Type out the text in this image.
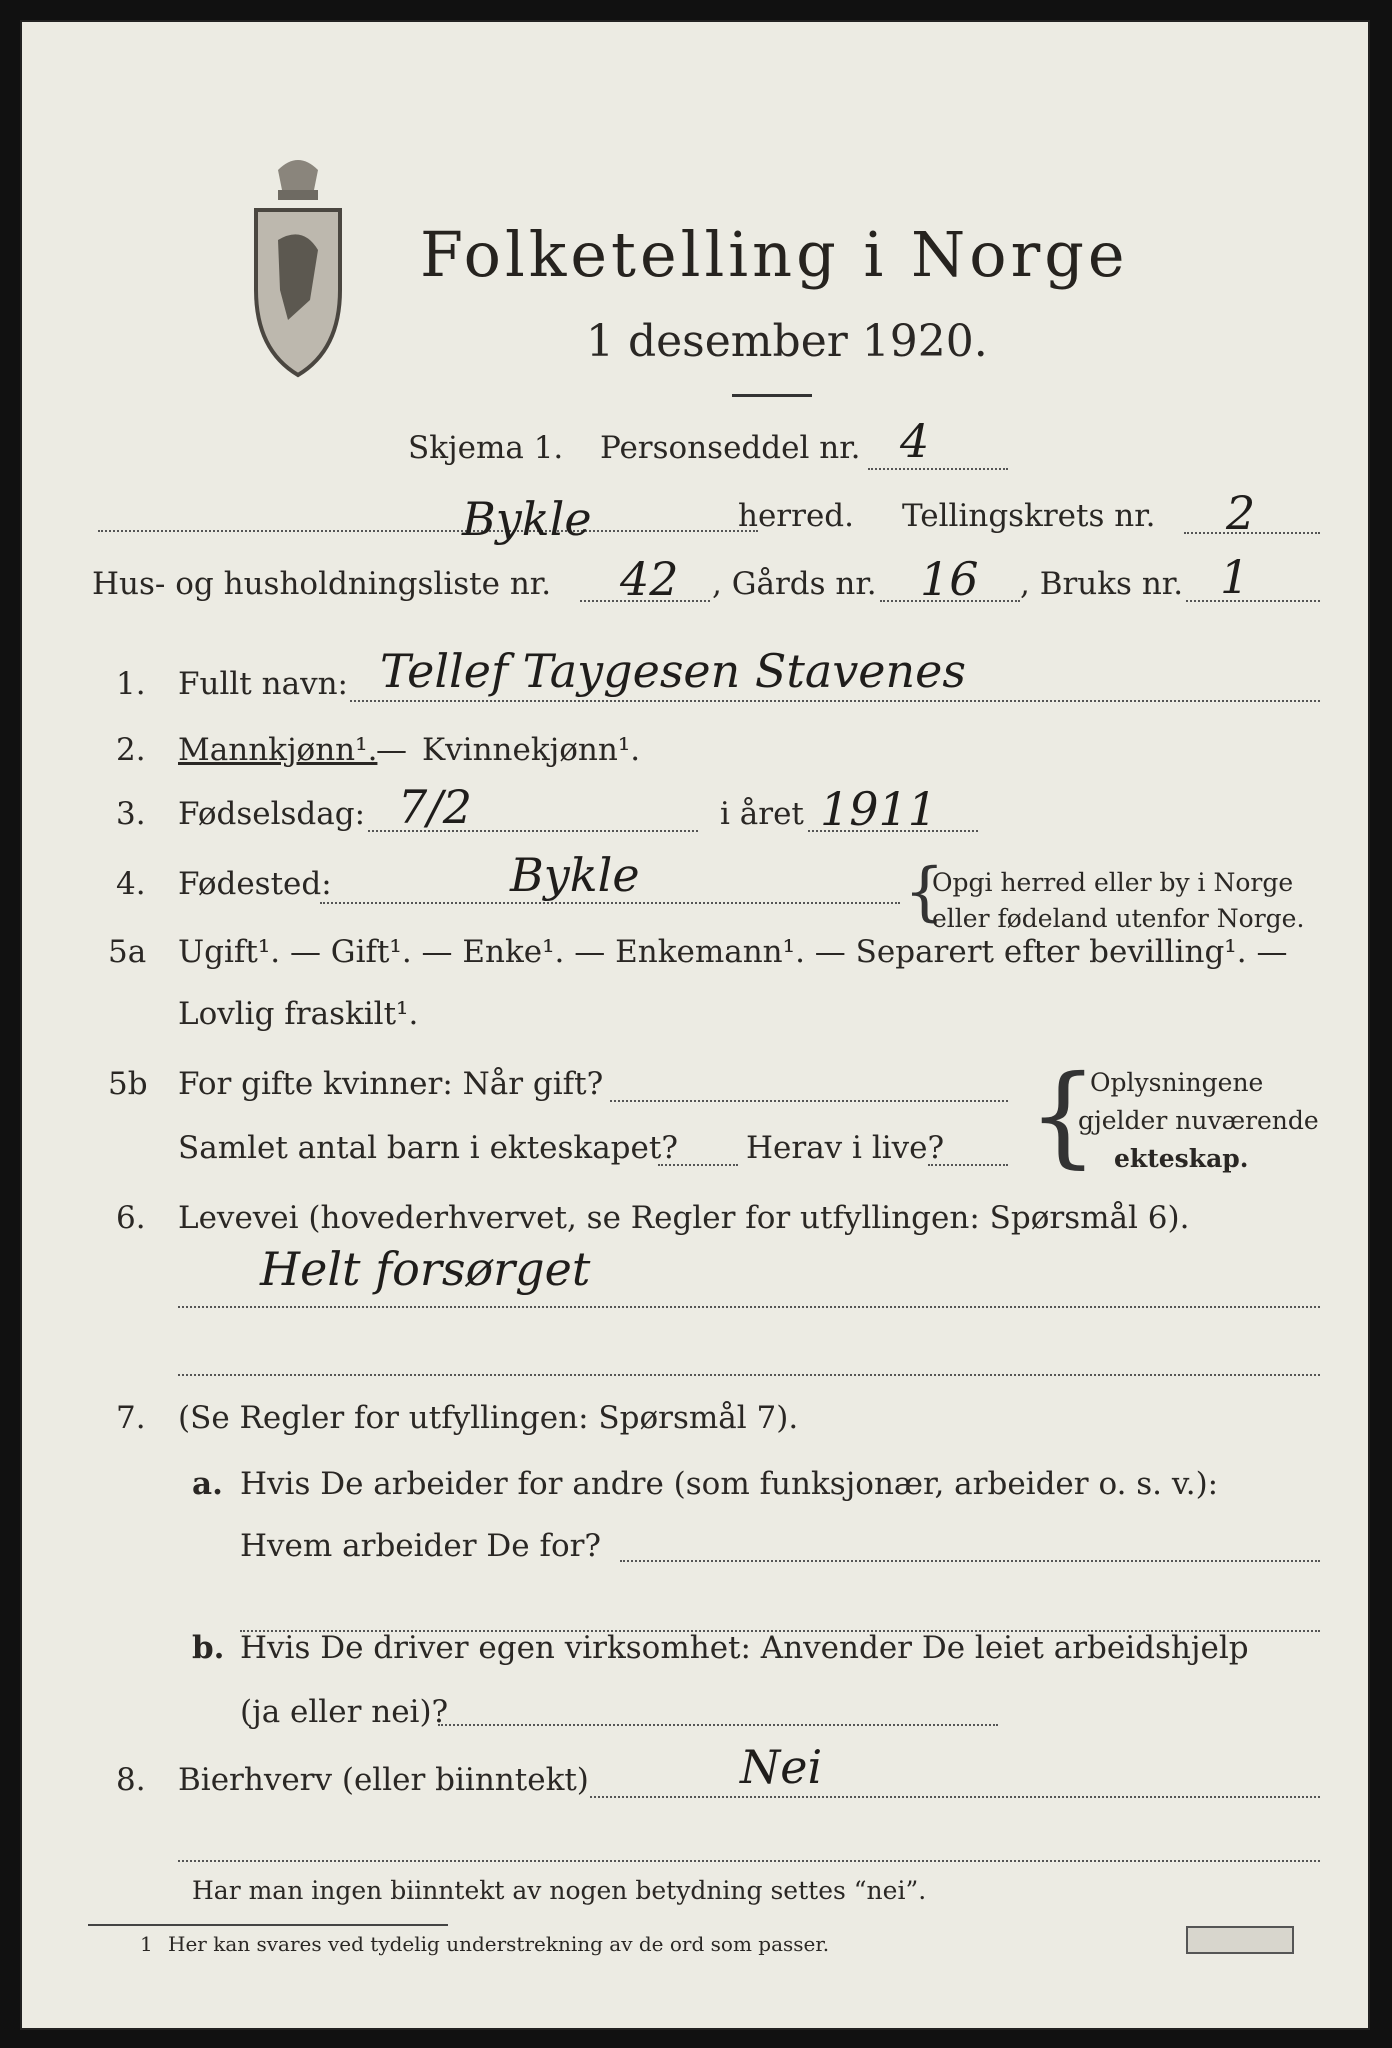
Folketelling i Norge
1 desember 1920.
Skjema 1. Personseddel nr. 4
Bykle	herred. Tellingskrets nr. 2
Hus- og husholdningsliste nr. 42 , Gårds nr. 16 , Bruks nr. 1
1. Fullt navn: Tellef Taygesen Stavenes
2. Mannkjønn¹.
— Kvinnekjønn¹.
3. Fødselsdag: 7/2	i året 1911
4. Fødested:	Bykle	{
Opgi herred eller by i Norge
eller fødeland utenfor Norge.
5a Ugift¹. — Gift¹. — Enke¹. — Enkemann¹. — Separert efter bevilling¹. —
Lovlig fraskilt¹.
5b For gifte kvinner: Når gift?
Samlet antal barn i ekteskapet? Herav i live? {
Oplysningene
gjelder nuværende
ekteskap.
6. Levevei (hovederhvervet, se Regler for utfyllingen: Spørsmål 6).
Helt forsørget
7. (Se Regler for utfyllingen: Spørsmål 7).
a. Hvis De arbeider for andre (som funksjonær, arbeider o. s. v.):
Hvem arbeider De for?
b. Hvis De driver egen virksomhet: Anvender De leiet arbeidshjelp
(ja eller nei)?
8. Bierhverv (eller biinntekt)	Nei
Har man ingen biinntekt av nogen betydning settes “nei”.
1 Her kan svares ved tydelig understrekning av de ord som passer.
